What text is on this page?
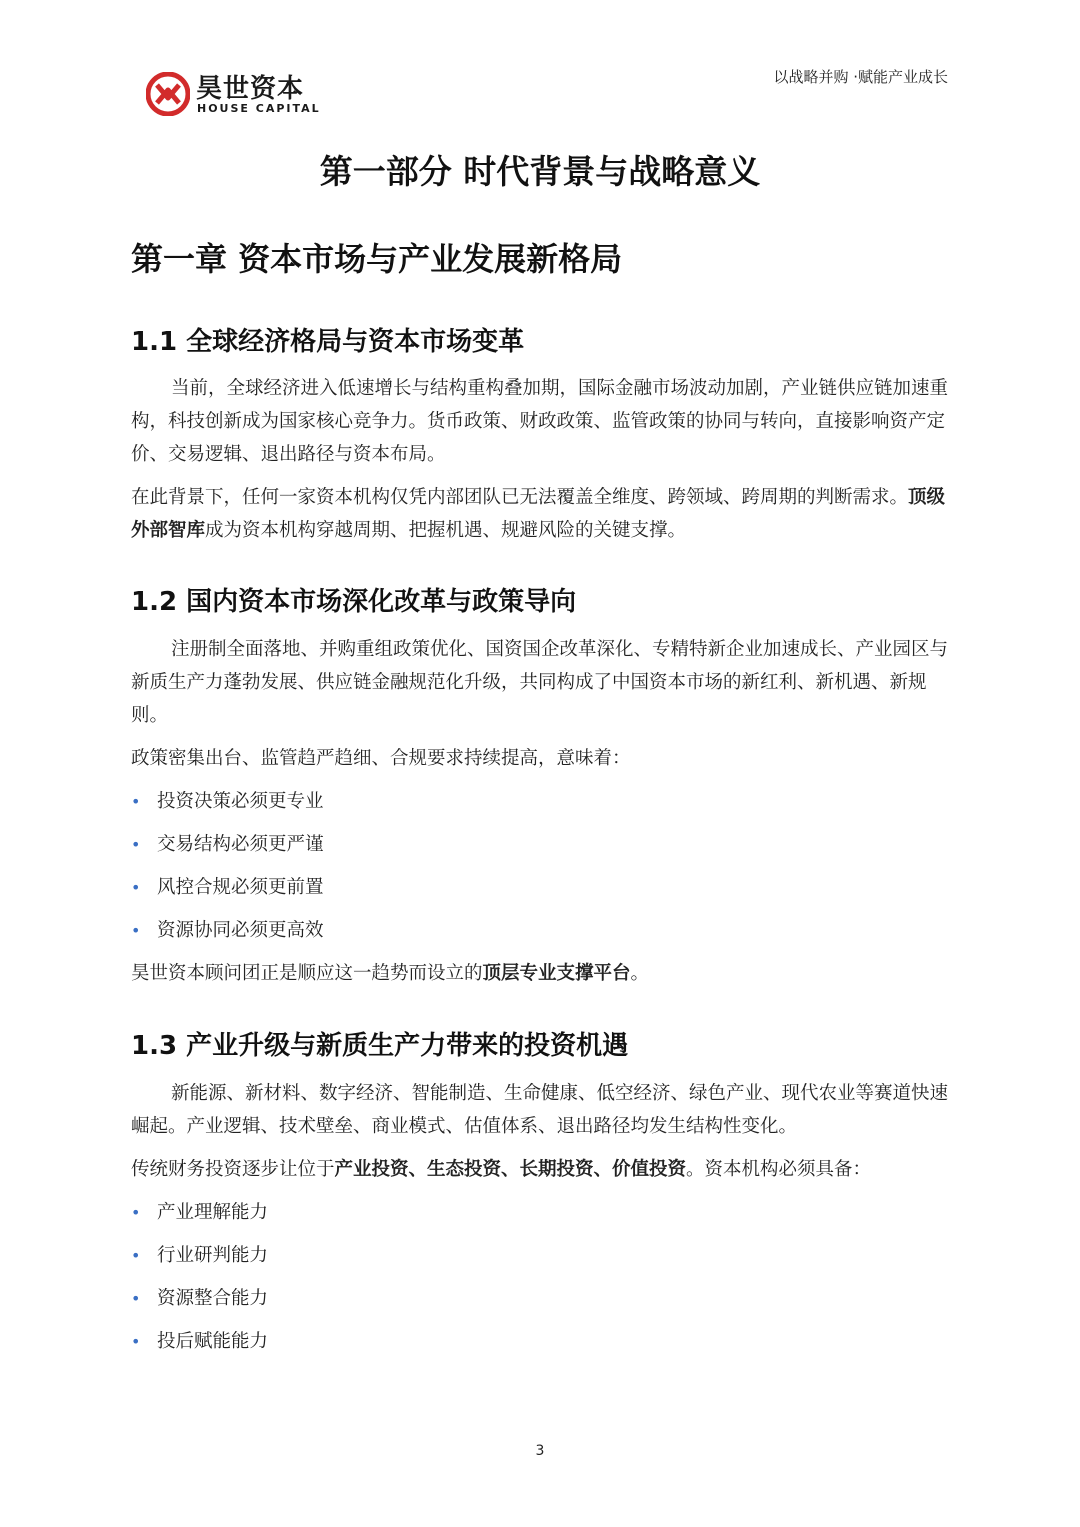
昊世资本
HOUSE CAPITAL
以战略并购 ·赋能产业成长
第一部分 时代背景与战略意义
第一章 资本市场与产业发展新格局
1.1 全球经济格局与资本市场变革

当前，全球经济进入低速增长与结构重构叠加期，国际金融市场波动加剧，产业链供应链加速重构，科技创新成为国家核心竞争力。货币政策、财政政策、监管政策的协同与转向，直接影响资产定价、交易逻辑、退出路径与资本布局。

在此背景下，任何一家资本机构仅凭内部团队已无法覆盖全维度、跨领域、跨周期的判断需求。顶级外部智库成为资本机构穿越周期、把握机遇、规避风险的关键支撑。

1.2 国内资本市场深化改革与政策导向

注册制全面落地、并购重组政策优化、国资国企改革深化、专精特新企业加速成长、产业园区与新质生产力蓬勃发展、供应链金融规范化升级，共同构成了中国资本市场的新红利、新机遇、新规则。

政策密集出台、监管趋严趋细、合规要求持续提高，意味着：
• 投资决策必须更专业
• 交易结构必须更严谨
• 风控合规必须更前置
• 资源协同必须更高效
昊世资本顾问团正是顺应这一趋势而设立的顶层专业支撑平台。
1.3 产业升级与新质生产力带来的投资机遇

新能源、新材料、数字经济、智能制造、生命健康、低空经济、绿色产业、现代农业等赛道快速崛起。产业逻辑、技术壁垒、商业模式、估值体系、退出路径均发生结构性变化。

传统财务投资逐步让位于产业投资、生态投资、长期投资、价值投资。资本机构必须具备：
• 产业理解能力
• 行业研判能力
• 资源整合能力
• 投后赋能能力
3
